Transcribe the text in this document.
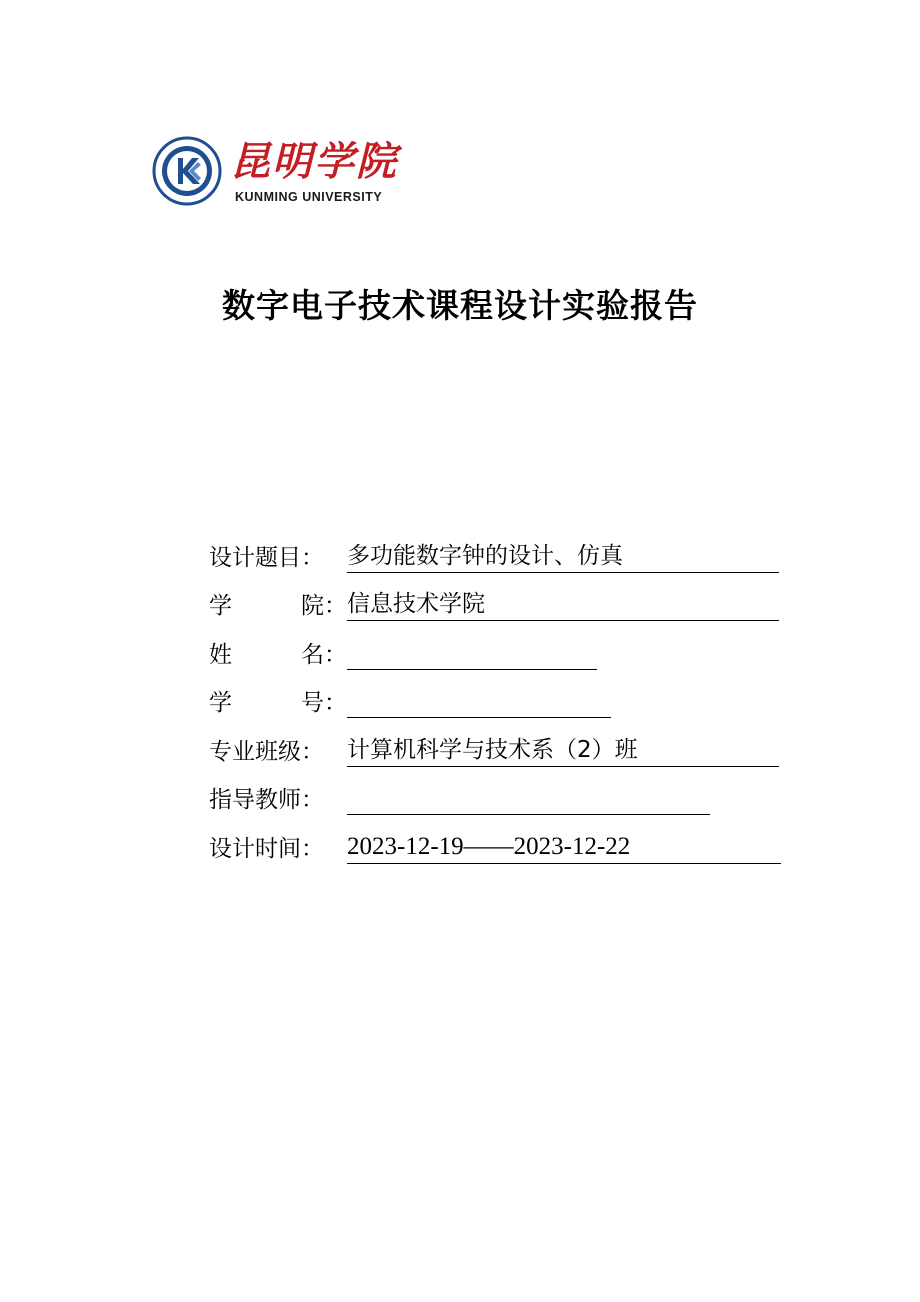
昆明学院
KUNMING UNIVERSITY
数字电子技术课程设计实验报告
设计题目：	多功能数字钟的设计、仿真
学	院： 信息技术学院
姓	名：
学	号：
专业班级：	计算机科学与技术系（2）班
指导教师：
设计时间： 2023-12-19——2023-12-22
